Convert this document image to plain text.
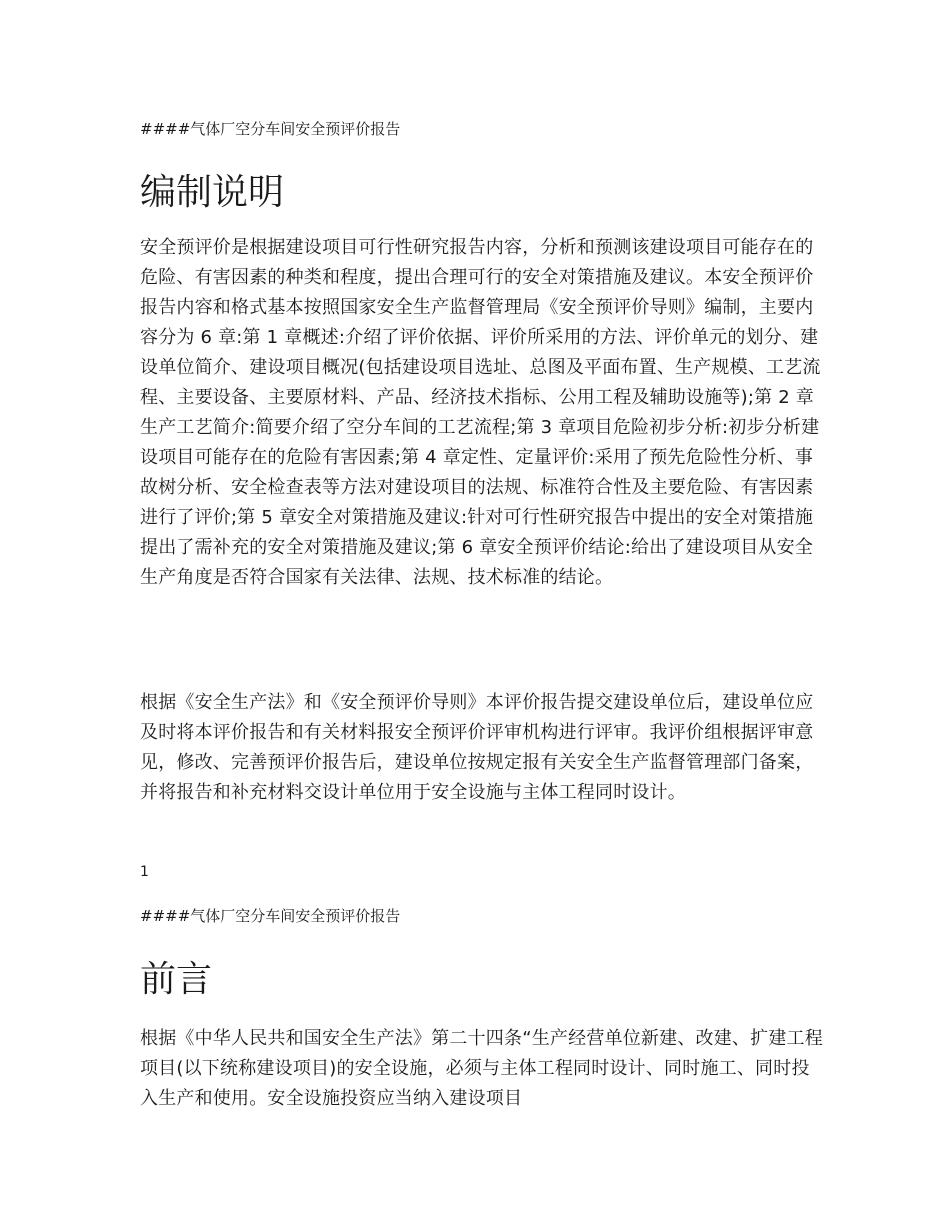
####气体厂空分车间安全预评价报告

编制说明

安全预评价是根据建设项目可行性研究报告内容，分析和预测该建设项目可能存在的危险、有害因素的种类和程度，提出合理可行的安全对策措施及建议。本安全预评价报告内容和格式基本按照国家安全生产监督管理局《安全预评价导则》编制，主要内容分为 6 章:第 1 章概述:介绍了评价依据、评价所采用的方法、评价单元的划分、建设单位简介、建设项目概况(包括建设项目选址、总图及平面布置、生产规模、工艺流程、主要设备、主要原材料、产品、经济技术指标、公用工程及辅助设施等);第 2 章生产工艺简介:简要介绍了空分车间的工艺流程;第 3 章项目危险初步分析:初步分析建设项目可能存在的危险有害因素;第 4 章定性、定量评价:采用了预先危险性分析、事故树分析、安全检查表等方法对建设项目的法规、标准符合性及主要危险、有害因素进行了评价;第 5 章安全对策措施及建议:针对可行性研究报告中提出的安全对策措施提出了需补充的安全对策措施及建议;第 6 章安全预评价结论:给出了建设项目从安全生产角度是否符合国家有关法律、法规、技术标准的结论。

根据《安全生产法》和《安全预评价导则》本评价报告提交建设单位后，建设单位应及时将本评价报告和有关材料报安全预评价评审机构进行评审。我评价组根据评审意见，修改、完善预评价报告后，建设单位按规定报有关安全生产监督管理部门备案，并将报告和补充材料交设计单位用于安全设施与主体工程同时设计。

1

####气体厂空分车间安全预评价报告

前言

根据《中华人民共和国安全生产法》第二十四条“生产经营单位新建、改建、扩建工程项目(以下统称建设项目)的安全设施，必须与主体工程同时设计、同时施工、同时投入生产和使用。安全设施投资应当纳入建设项目
